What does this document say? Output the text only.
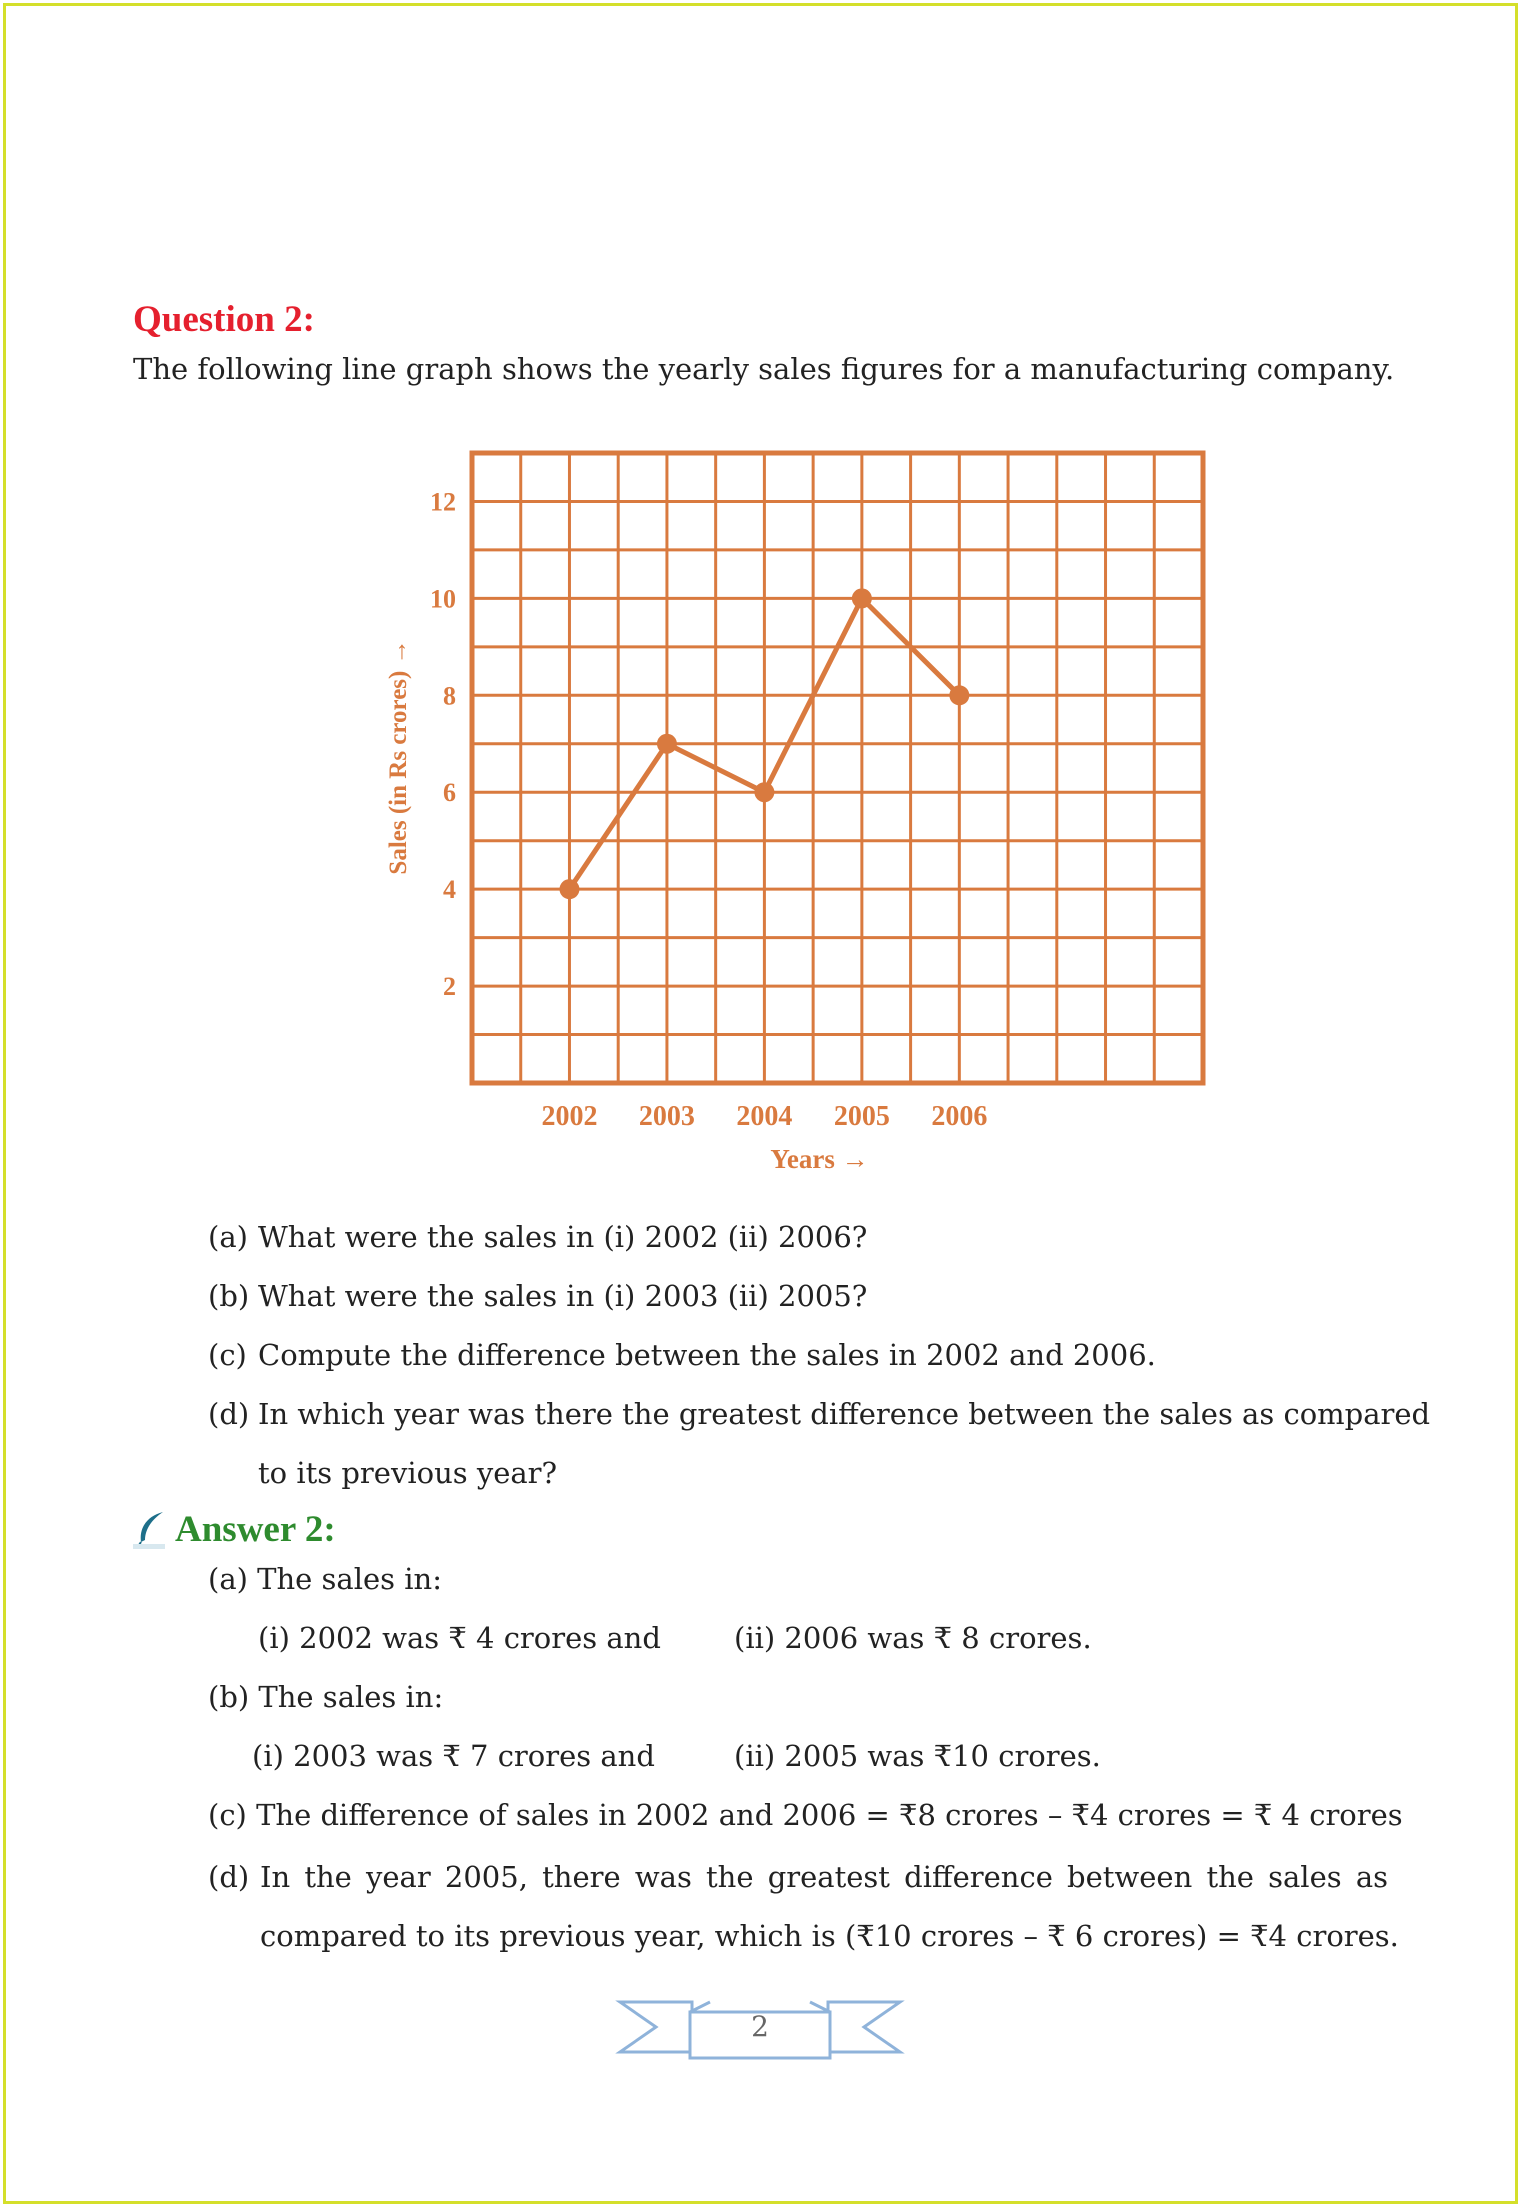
Question 2:
The following line graph shows the yearly sales figures for a manufacturing company.
2
4
6
8
10
12
2002 2003 2004 2005 2006
Sales (in Rs crores) →
Years →
(a) What were the sales in (i) 2002 (ii) 2006?
(b) What were the sales in (i) 2003 (ii) 2005?
(c) Compute the difference between the sales in 2002 and 2006.
(d) In which year was there the greatest difference between the sales as compared
to its previous year?
Answer 2:
(a) The sales in:
(i) 2002 was ₹ 4 crores and	(ii) 2006 was ₹ 8 crores.
(b) The sales in:
(i) 2003 was ₹ 7 crores and	(ii) 2005 was ₹10 crores.
(c) The difference of sales in 2002 and 2006 = ₹8 crores – ₹4 crores = ₹ 4 crores
(d) In the year 2005, there was the greatest difference between the sales as
compared to its previous year, which is (₹10 crores – ₹ 6 crores) = ₹4 crores.
2
